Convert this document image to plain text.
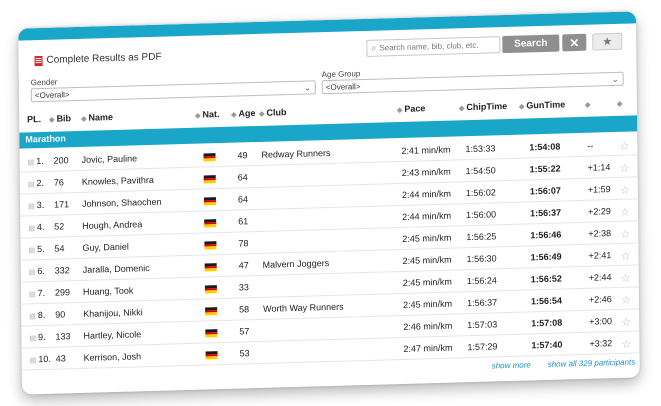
Complete Results as PDF
⌕ Search name, bib, club, etc.	Search	✕	★
Gender
<Overall>
⌄
Age Group
<Overall>
⌄
PL. ◆ Bib ◆ Name	◆ Nat. ◆ Age ◆ Club	◆ Pace	◆ ChipTime ◆ GunTime	◆	◆
Marathon
▤ 1. 200 Jovic, Pauline	49 Redway Runners	2:41 min/km 1:53:33	1:54:08	-- ☆
▤ 2. 76 Knowles, Pavithra	64	2:43 min/km 1:54:50	1:55:22	+1:14 ☆
▤ 3. 171 Johnson, Shaochen	64	2:44 min/km 1:56:02	1:56:07	+1:59 ☆
▤ 4. 52 Hough, Andrea	61	2:44 min/km 1:56:00	1:56:37	+2:29 ☆
▤ 5. 54 Guy, Daniel	78	2:45 min/km 1:56:25	1:56:46	+2:38 ☆
▤ 6. 332 Jaralla, Domenic	47 Malvern Joggers	2:45 min/km 1:56:30	1:56:49	+2:41 ☆
▤ 7. 299 Huang, Took	33	2:45 min/km 1:56:24	1:56:52	+2:44 ☆
▤ 8. 90 Khanijou, Nikki	58 Worth Way Runners	2:45 min/km 1:56:37	1:56:54	+2:46 ☆
▤ 9. 133 Hartley, Nicole	57	2:46 min/km 1:57:03	1:57:08	+3:00 ☆
▤ 10. 43 Kerrison, Josh	53	2:47 min/km 1:57:29	1:57:40	+3:32 ☆
show more show all 329 participants
